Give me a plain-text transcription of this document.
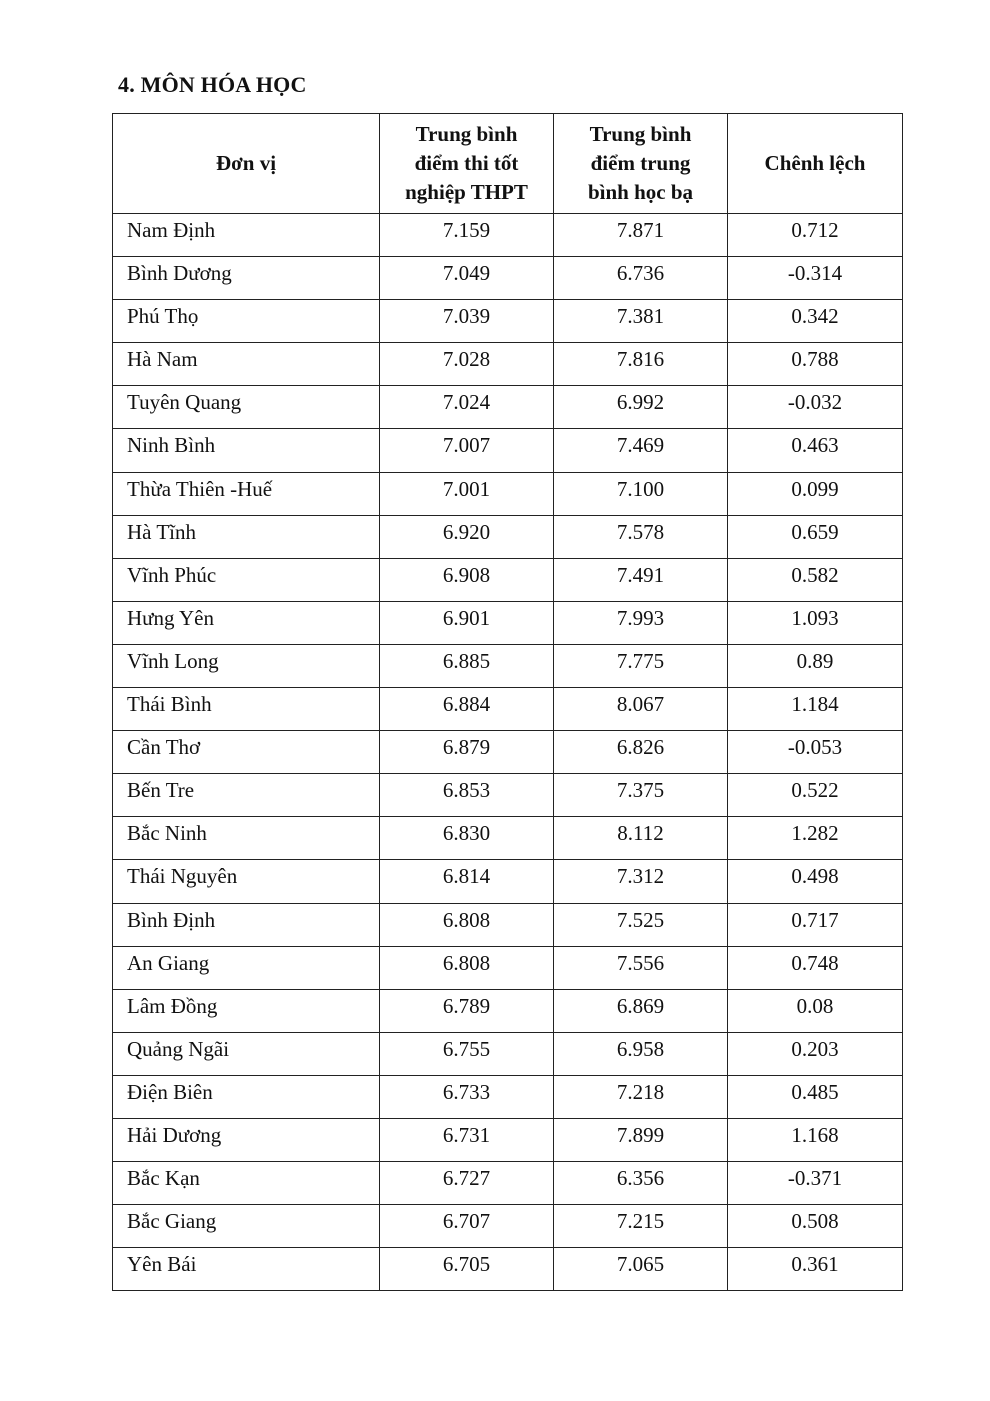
4. MÔN HÓA HỌC
Đơn vị	Trung bình điểm thi tốt nghiệp THPT	Trung bình điểm trung bình học bạ	Chênh lệch
Nam Định	7.159	7.871	0.712
Bình Dương	7.049	6.736	-0.314
Phú Thọ	7.039	7.381	0.342
Hà Nam	7.028	7.816	0.788
Tuyên Quang	7.024	6.992	-0.032
Ninh Bình	7.007	7.469	0.463
Thừa Thiên -Huế	7.001	7.100	0.099
Hà Tĩnh	6.920	7.578	0.659
Vĩnh Phúc	6.908	7.491	0.582
Hưng Yên	6.901	7.993	1.093
Vĩnh Long	6.885	7.775	0.89
Thái Bình	6.884	8.067	1.184
Cần Thơ	6.879	6.826	-0.053
Bến Tre	6.853	7.375	0.522
Bắc Ninh	6.830	8.112	1.282
Thái Nguyên	6.814	7.312	0.498
Bình Định	6.808	7.525	0.717
An Giang	6.808	7.556	0.748
Lâm Đồng	6.789	6.869	0.08
Quảng Ngãi	6.755	6.958	0.203
Điện Biên	6.733	7.218	0.485
Hải Dương	6.731	7.899	1.168
Bắc Kạn	6.727	6.356	-0.371
Bắc Giang	6.707	7.215	0.508
Yên Bái	6.705	7.065	0.361
